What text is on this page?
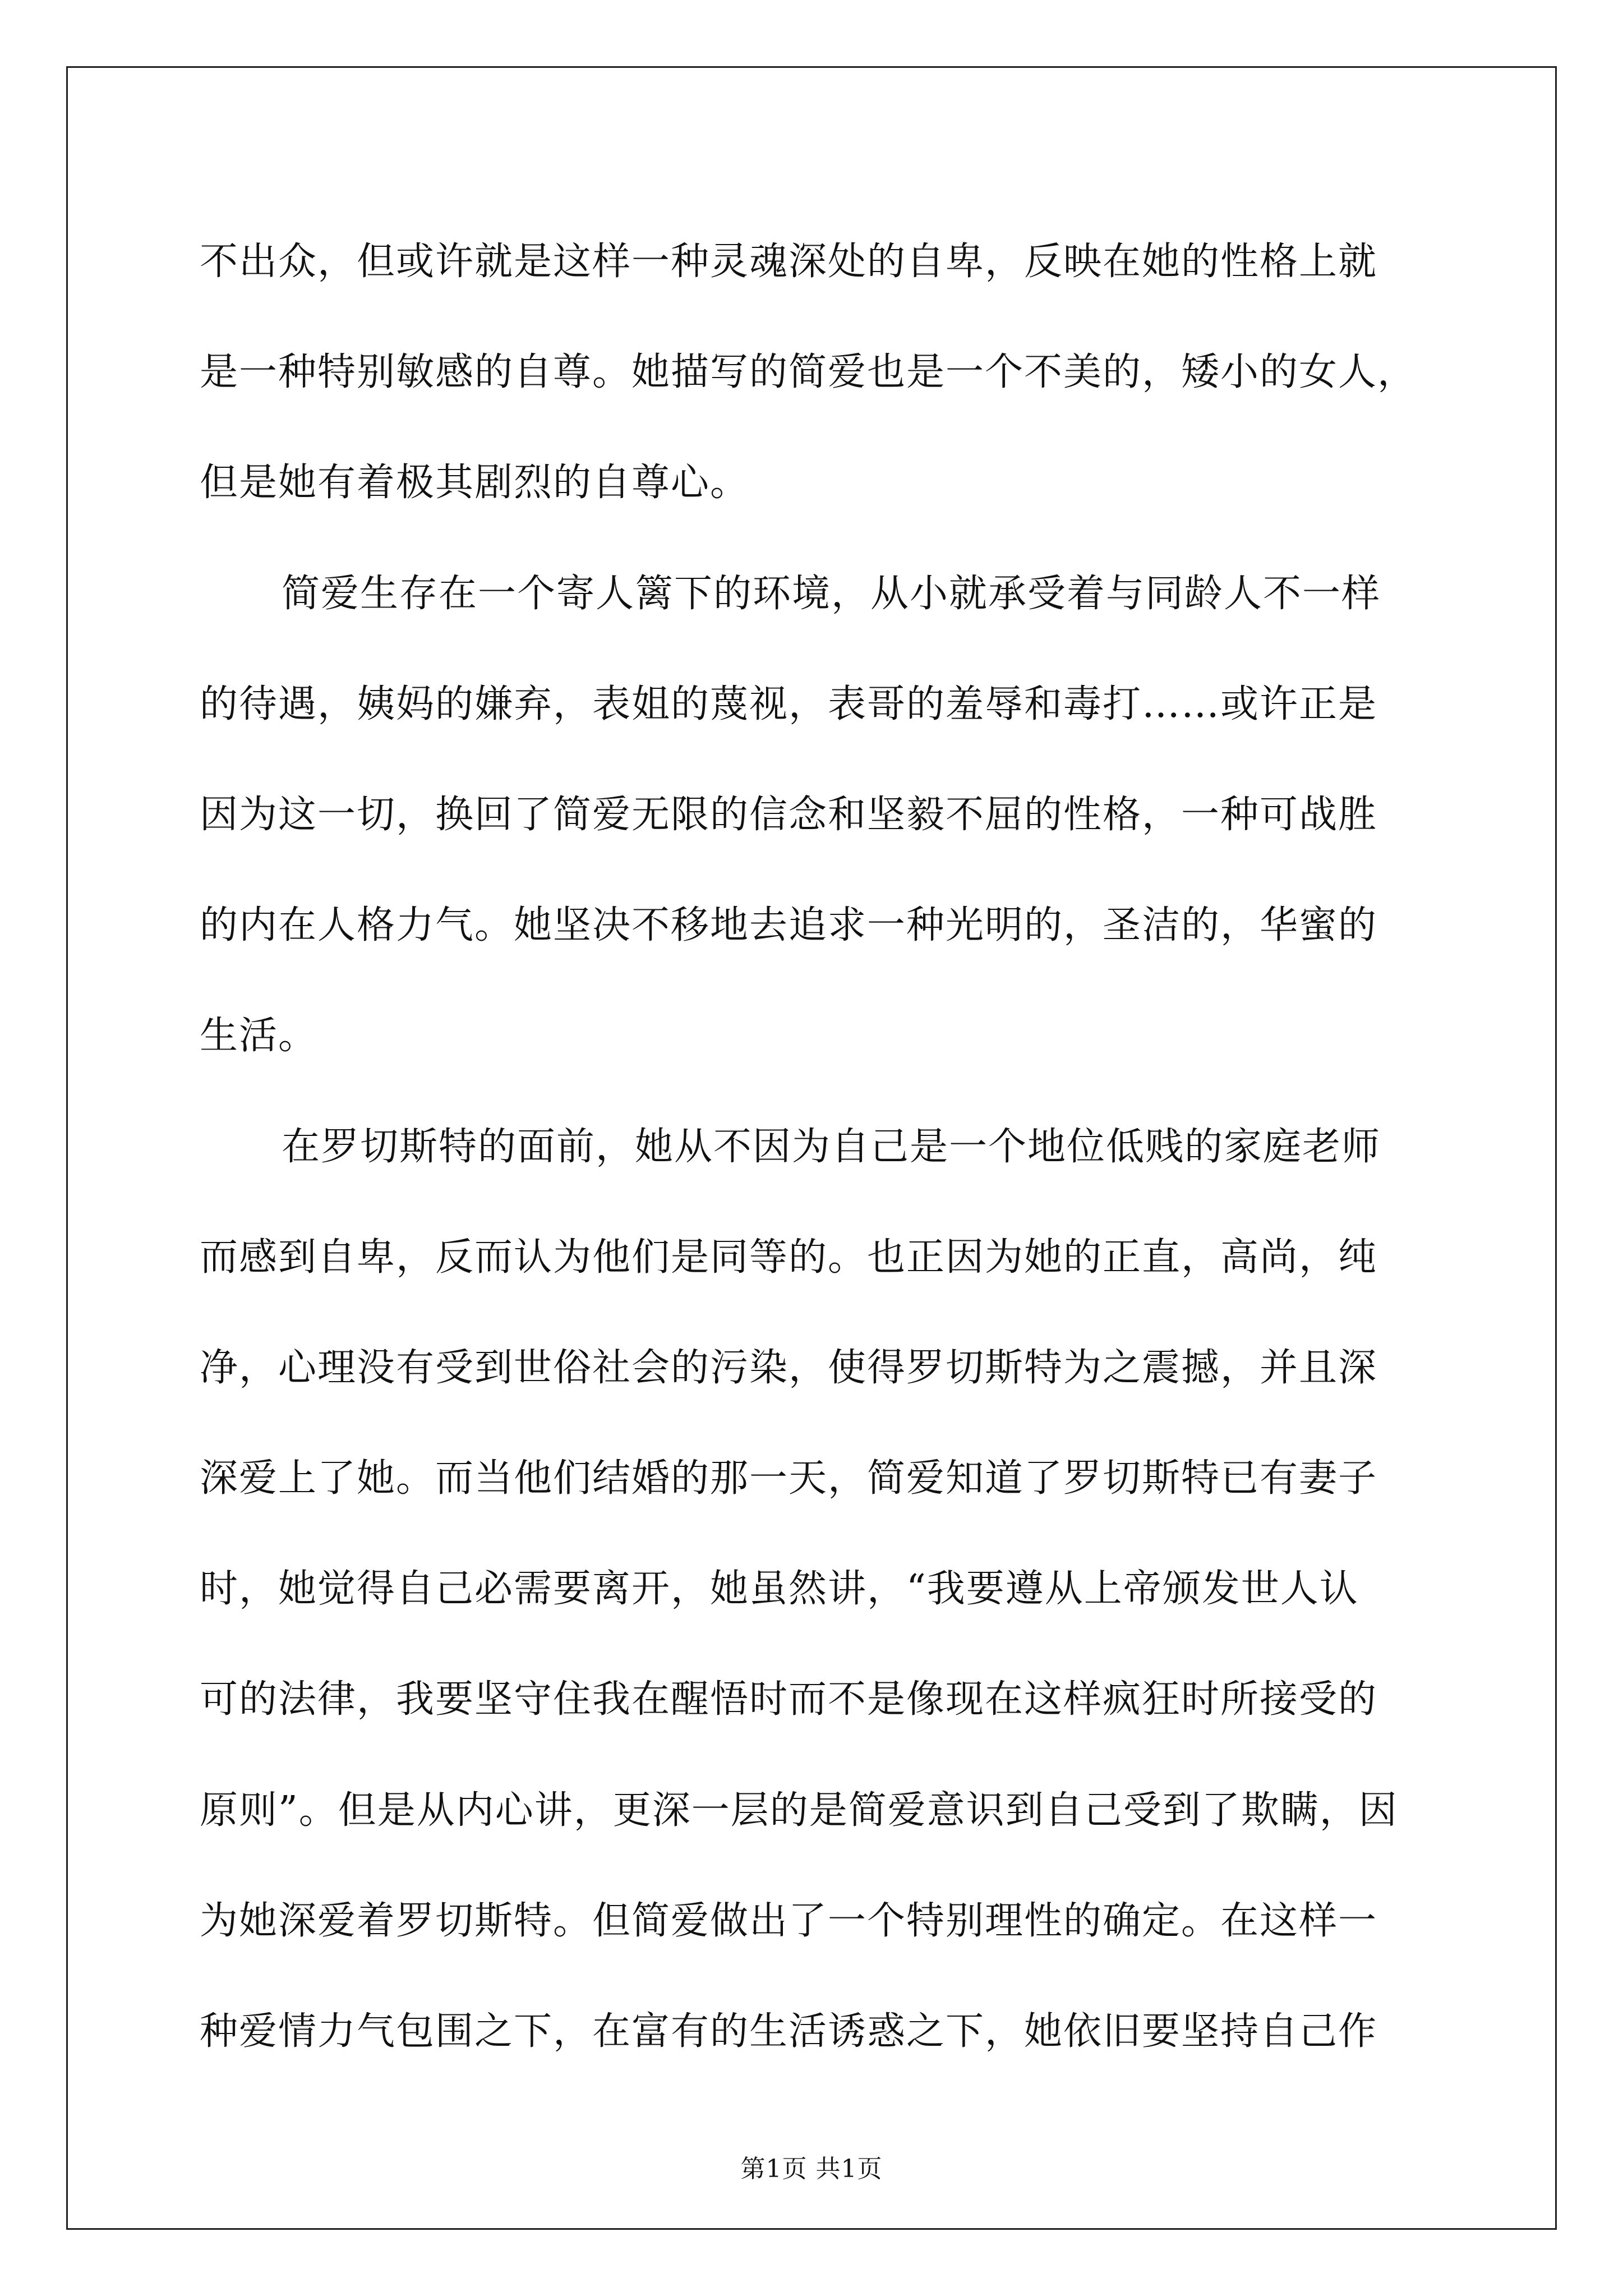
不出众，但或许就是这样一种灵魂深处的自卑，反映在她的性格上就
是一种特别敏感的自尊。她描写的简爱也是一个不美的，矮小的女人，
但是她有着极其剧烈的自尊心。
简爱生存在一个寄人篱下的环境，从小就承受着与同龄人不一样
的待遇，姨妈的嫌弃，表姐的蔑视，表哥的羞辱和毒打……或许正是
因为这一切，换回了简爱无限的信念和坚毅不屈的性格，一种可战胜
的内在人格力气。她坚决不移地去追求一种光明的，圣洁的，华蜜的
生活。
在罗切斯特的面前，她从不因为自己是一个地位低贱的家庭老师
而感到自卑，反而认为他们是同等的。也正因为她的正直，高尚，纯
净，心理没有受到世俗社会的污染，使得罗切斯特为之震撼，并且深
深爱上了她。而当他们结婚的那一天，简爱知道了罗切斯特已有妻子
时，她觉得自己必需要离开，她虽然讲，“我要遵从上帝颁发世人认
可的法律，我要坚守住我在醒悟时而不是像现在这样疯狂时所接受的
原则”。但是从内心讲，更深一层的是简爱意识到自己受到了欺瞒，因
为她深爱着罗切斯特。但简爱做出了一个特别理性的确定。在这样一
种爱情力气包围之下，在富有的生活诱惑之下，她依旧要坚持自己作
第1页 共1页
